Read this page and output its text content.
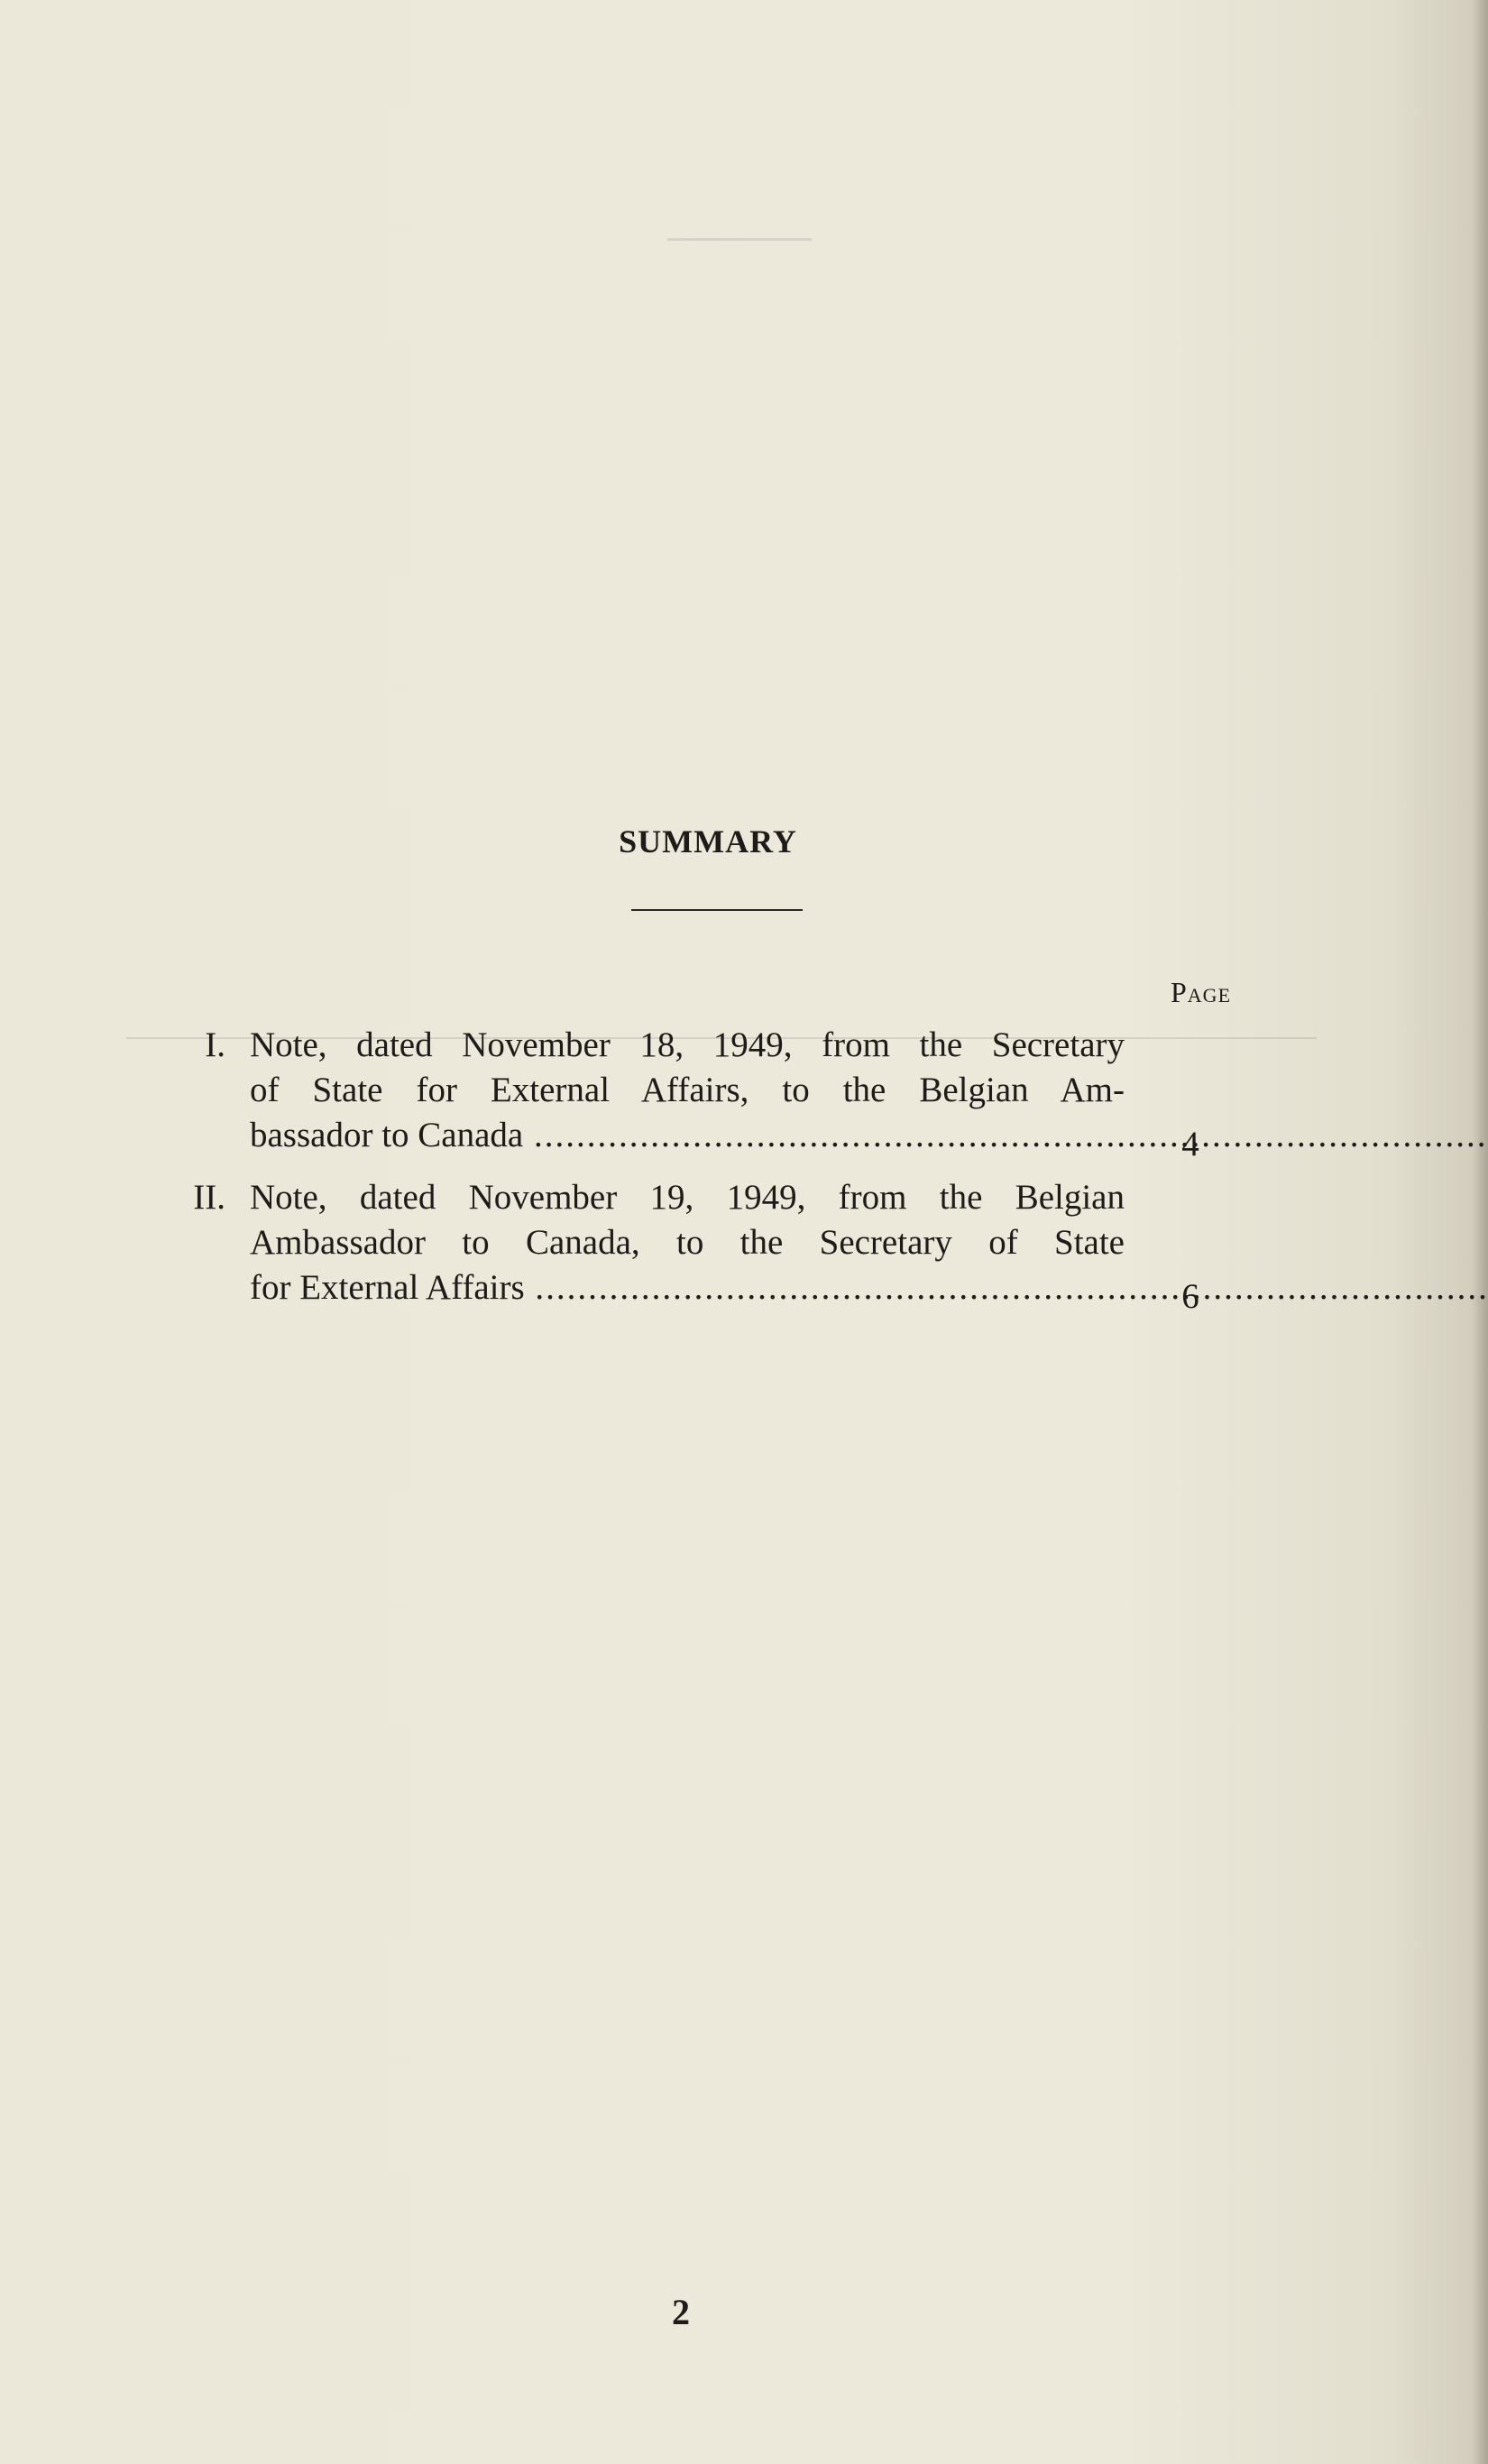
SUMMARY
Page
I. Note, dated November 18, 1949, from the Secretary
of State for External Affairs, to the Belgian Am-
bassador to Canada .....	4
II. Note, dated November 19, 1949, from the Belgian
Ambassador to Canada, to the Secretary of State
for External Affairs .....	6
2
